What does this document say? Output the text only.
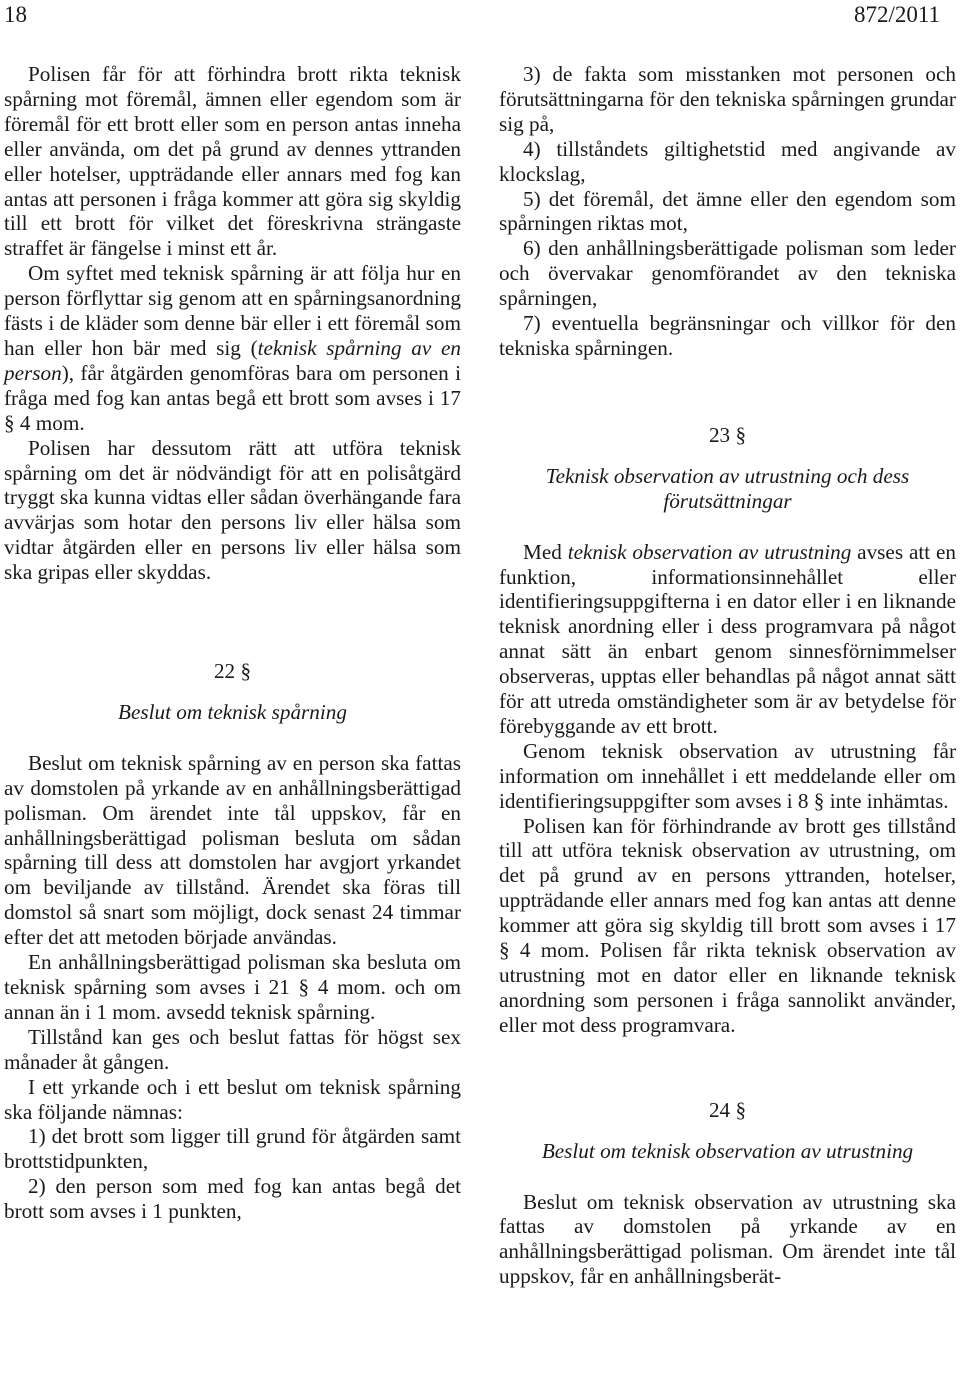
18	872/2011

Polisen får för att förhindra brott rikta teknisk spårning mot föremål, ämnen eller egendom som är föremål för ett brott eller som en person antas inneha eller använda, om det på grund av dennes yttranden eller hotelser, uppträdande eller annars med fog kan antas att personen i fråga kommer att göra sig skyldig till ett brott för vilket det föreskrivna strängaste straffet är fängelse i minst ett år.

Om syftet med teknisk spårning är att följa hur en person förflyttar sig genom att en spårningsanordning fästs i de kläder som denne bär eller i ett föremål som han eller hon bär med sig (teknisk spårning av en person), får åtgärden genomföras bara om personen i fråga med fog kan antas begå ett brott som avses i 17 § 4 mom.

Polisen har dessutom rätt att utföra teknisk spårning om det är nödvändigt för att en polisåtgärd tryggt ska kunna vidtas eller sådan överhängande fara avvärjas som hotar den persons liv eller hälsa som vidtar åtgärden eller en persons liv eller hälsa som ska gripas eller skyddas.

22 §

Beslut om teknisk spårning

Beslut om teknisk spårning av en person ska fattas av domstolen på yrkande av en anhållningsberättigad polisman. Om ärendet inte tål uppskov, får en anhållningsberättigad polisman besluta om sådan spårning till dess att domstolen har avgjort yrkandet om beviljande av tillstånd. Ärendet ska föras till domstol så snart som möjligt, dock senast 24 timmar efter det att metoden började användas.

En anhållningsberättigad polisman ska besluta om teknisk spårning som avses i 21 § 4 mom. och om annan än i 1 mom. avsedd teknisk spårning.

Tillstånd kan ges och beslut fattas för högst sex månader åt gången.

I ett yrkande och i ett beslut om teknisk spårning ska följande nämnas:

1) det brott som ligger till grund för åtgärden samt brottstidpunkten,

2) den person som med fog kan antas begå det brott som avses i 1 punkten,

3) de fakta som misstanken mot personen och förutsättningarna för den tekniska spårningen grundar sig på,

4) tillståndets giltighetstid med angivande av klockslag,

5) det föremål, det ämne eller den egendom som spårningen riktas mot,

6) den anhållningsberättigade polisman som leder och övervakar genomförandet av den tekniska spårningen,

7) eventuella begränsningar och villkor för den tekniska spårningen.

23 §

Teknisk observation av utrustning och dess förutsättningar

Med teknisk observation av utrustning avses att en funktion, informationsinnehållet eller identifieringsuppgifterna i en dator eller i en liknande teknisk anordning eller i dess programvara på något annat sätt än enbart genom sinnesförnimmelser observeras, upptas eller behandlas på något annat sätt för att utreda omständigheter som är av betydelse för förebyggande av ett brott.

Genom teknisk observation av utrustning får information om innehållet i ett meddelande eller om identifieringsuppgifter som avses i 8 § inte inhämtas.

Polisen kan för förhindrande av brott ges tillstånd till att utföra teknisk observation av utrustning, om det på grund av en persons yttranden, hotelser, uppträdande eller annars med fog kan antas att denne kommer att göra sig skyldig till brott som avses i 17 § 4 mom. Polisen får rikta teknisk observation av utrustning mot en dator eller en liknande teknisk anordning som personen i fråga sannolikt använder, eller mot dess programvara.

24 §

Beslut om teknisk observation av utrustning

Beslut om teknisk observation av utrustning ska fattas av domstolen på yrkande av en anhållningsberättigad polisman. Om ärendet inte tål uppskov, får en anhållningsberät-
